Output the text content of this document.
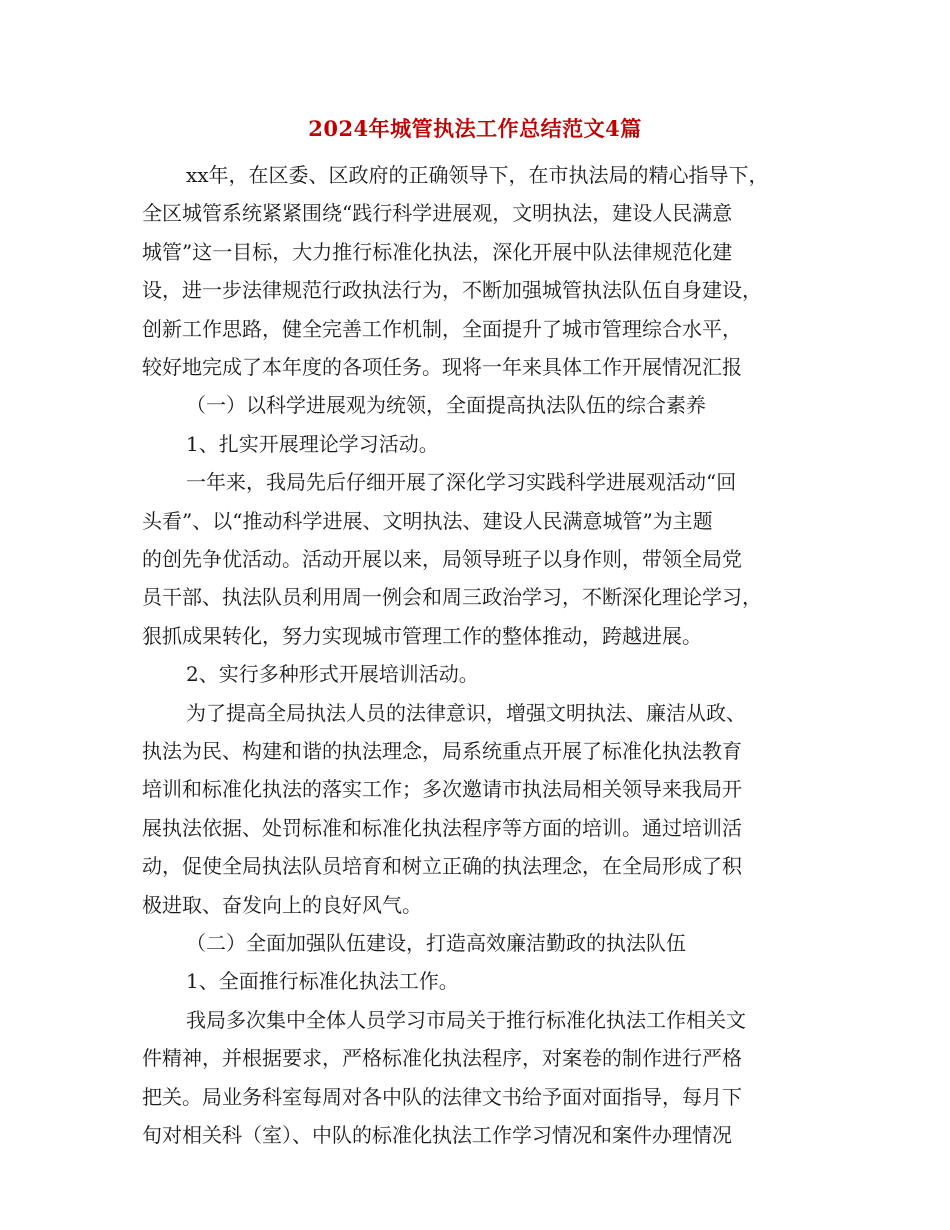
2024年城管执法工作总结范文4篇
xx年，在区委、区政府的正确领导下，在市执法局的精心指导下，
全区城管系统紧紧围绕“践行科学进展观，文明执法，建设人民满意
城管”这一目标，大力推行标准化执法，深化开展中队法律规范化建
设，进一步法律规范行政执法行为，不断加强城管执法队伍自身建设，
创新工作思路，健全完善工作机制，全面提升了城市管理综合水平，
较好地完成了本年度的各项任务。现将一年来具体工作开展情况汇报
（一）以科学进展观为统领，全面提高执法队伍的综合素养
1、扎实开展理论学习活动。
一年来，我局先后仔细开展了深化学习实践科学进展观活动“回
头看”、以“推动科学进展、文明执法、建设人民满意城管”为主题
的创先争优活动。活动开展以来，局领导班子以身作则，带领全局党
员干部、执法队员利用周一例会和周三政治学习，不断深化理论学习，
狠抓成果转化，努力实现城市管理工作的整体推动，跨越进展。
2、实行多种形式开展培训活动。
为了提高全局执法人员的法律意识，增强文明执法、廉洁从政、
执法为民、构建和谐的执法理念，局系统重点开展了标准化执法教育
培训和标准化执法的落实工作；多次邀请市执法局相关领导来我局开
展执法依据、处罚标准和标准化执法程序等方面的培训。通过培训活
动，促使全局执法队员培育和树立正确的执法理念，在全局形成了积
极进取、奋发向上的良好风气。
（二）全面加强队伍建设，打造高效廉洁勤政的执法队伍
1、全面推行标准化执法工作。
我局多次集中全体人员学习市局关于推行标准化执法工作相关文
件精神，并根据要求，严格标准化执法程序，对案卷的制作进行严格
把关。局业务科室每周对各中队的法律文书给予面对面指导，每月下
旬对相关科（室）、中队的标准化执法工作学习情况和案件办理情况
